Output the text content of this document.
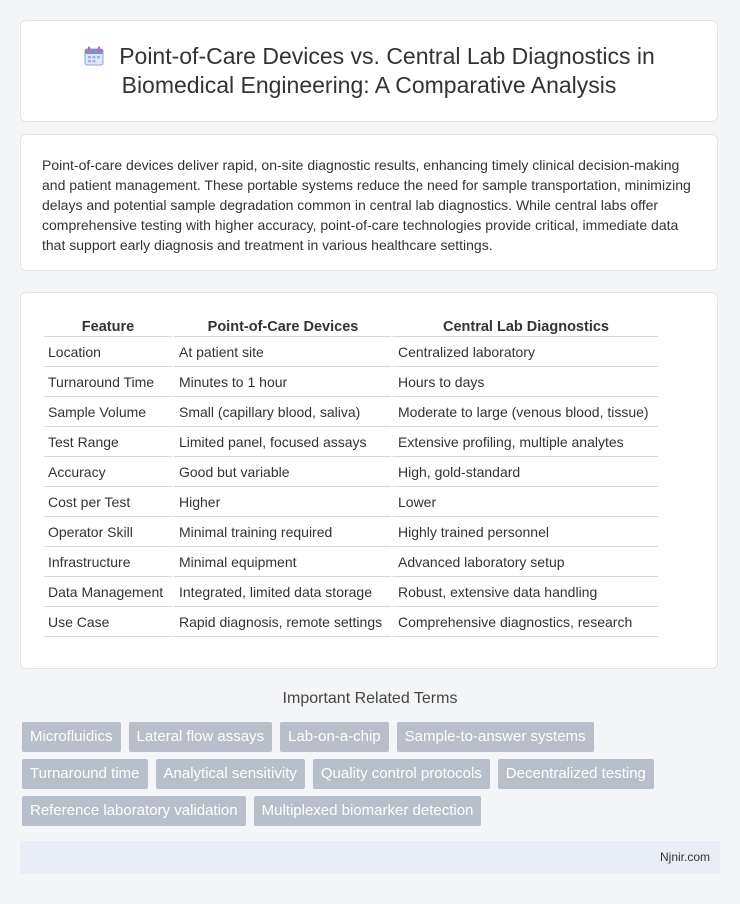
Point-of-Care Devices vs. Central Lab Diagnostics in Biomedical Engineering: A Comparative Analysis

Point-of-care devices deliver rapid, on-site diagnostic results, enhancing timely clinical decision-making and patient management. These portable systems reduce the need for sample transportation, minimizing delays and potential sample degradation common in central lab diagnostics. While central labs offer comprehensive testing with higher accuracy, point-of-care technologies provide critical, immediate data that support early diagnosis and treatment in various healthcare settings.

Feature	Point-of-Care Devices	Central Lab Diagnostics
Location	At patient site	Centralized laboratory
Turnaround Time	Minutes to 1 hour	Hours to days
Sample Volume	Small (capillary blood, saliva)	Moderate to large (venous blood, tissue)
Test Range	Limited panel, focused assays	Extensive profiling, multiple analytes
Accuracy	Good but variable	High, gold-standard
Cost per Test	Higher	Lower
Operator Skill	Minimal training required	Highly trained personnel
Infrastructure	Minimal equipment	Advanced laboratory setup
Data Management	Integrated, limited data storage	Robust, extensive data handling
Use Case	Rapid diagnosis, remote settings	Comprehensive diagnostics, research
Important Related Terms
Microfluidics	Lateral flow assays	Lab-on-a-chip	Sample-to-answer systems
Turnaround time	Analytical sensitivity	Quality control protocols	Decentralized testing
Reference laboratory validation	Multiplexed biomarker detection
Njnir.com
